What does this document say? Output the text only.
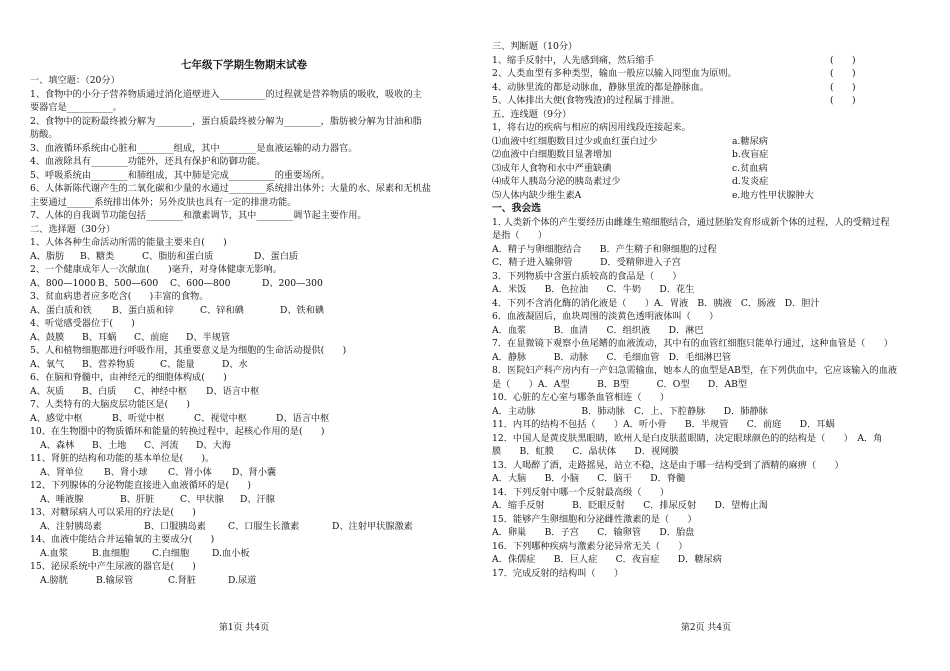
七年级下学期生物期末试卷
一、填空题：（20分）
1、食物中的小分子营养物质通过消化道壁进入__________的过程就是营养物质的吸收，吸收的主
要器官是__________。
2、食物中的淀粉最终被分解为________，蛋白质最终被分解为________，脂肪被分解为甘油和脂
肪酸。
3、血液循环系统由心脏和________组成，其中________是血液运输的动力器官。
4、血液除具有________功能外，还具有保护和防御功能。
5、呼吸系统由________和肺组成，其中肺是完成__________的重要场所。
6、人体新陈代谢产生的二氧化碳和少量的水通过________系统排出体外；大量的水、尿素和无机盐
主要通过______系统排出体外；另外皮肤也具有一定的排泄功能。
7、人体的自我调节功能包括________和激素调节，其中________调节起主要作用。
二、选择题（30分）
1、人体各种生命活动所需的能量主要来自(　　)
A、脂肪	B、糖类	C、脂肪和蛋白质	D、蛋白质
2、一个健康成年人一次献血(　　)毫升，对身体健康无影响。
A、800—1000 B、500—600	C、600—800	D、200—300
3、贫血病患者应多吃含(　　)丰富的食物。
A、蛋白质和铁	B、蛋白质和锌	C、锌和碘	D、铁和碘
4、听觉感受器位于(　　)
A、鼓膜	B、耳蜗	C、前庭	D、半规管
5、人和植物细胞都进行呼吸作用，其重要意义是为细胞的生命活动提供(　　)
A、氧气	B、营养物质	C、能量	D、水
6、在脑和脊髓中，由神经元的细胞体构成(　　)
A、灰质	B、白质	C、神经中枢	D、语言中枢
7、人类特有的大脑皮层功能区是(　　)
A、感觉中枢	B、听觉中枢	C、视觉中枢	D、语言中枢
10、在生物圈中的物质循环和能量的转换过程中，起核心作用的是(　　)
A、森林	B、土地	C、河流	D、大海
11、肾脏的结构和功能的基本单位是(　　)。
A、肾单位	B、肾小球	C、肾小体	D、肾小囊
12、下列腺体的分泌物能直接进入血液循环的是(　　)
A、唾液腺	B、肝脏	C、甲状腺	D、汗腺
13、对糖尿病人可以采用的疗法是(　　)
A、注射胰岛素	B、口服胰岛素	C、口服生长激素	D、注射甲状腺激素
14、血液中能结合并运输氧的主要成分(　　)
A.血浆	B.血细胞	C.白细胞	D.血小板
15、泌尿系统中产生尿液的器官是(　　)
A.膀胱	B.输尿管	C.肾脏	D.尿道
第1页 共4页
三、判断题（10分）
1、缩手反射中，人先感到痛，然后缩手	(　　)
2、人类血型有多种类型，输血一般应以输入同型血为原则。	(　　)
4、动脉里流的都是动脉血，静脉里流的都是静脉血。	(　　)
5、人体排出大便(食物残渣)的过程属于排泄。	(　　)
五、连线题（9分）
1，将右边的疾病与相应的病因用线段连接起来。
⑴血液中红细胞数目过少或血红蛋白过少	a.糖尿病
⑵血液中白细胞数目显著增加	b.夜盲症
⑶成年人食物和水中严重缺碘	c.贫血病
⑷成年人胰岛分泌的胰岛素过少	d.发炎症
⑸人体内缺少维生素A	e.地方性甲状腺肿大
一、我会选
1. 人类新个体的产生要经历由雌雄生殖细胞结合，通过胚胎发育形成新个体的过程，人的受精过程
是指（　　）
A．精子与卵细胞结合　　B．产生精子和卵细胞的过程
C．精子进入输卵管　　　D．受精卵进入子宫
3．下列物质中含蛋白质较高的食品是（　　）
A．米饭　　B．色拉油　　C．牛奶　　D．花生
4．下列不含消化酶的消化液是（　　）A．胃液　B．胰液　C．肠液　D．胆汁
6．血液凝固后，血块周围的淡黄色透明液体叫（　　）
A．血浆　　　B．血清　　C．组织液　　D．淋巴
7．在显微镜下观察小鱼尾鳍的血液流动，其中有的血管红细胞只能单行通过，这种血管是（　　）
A．静脉　　　B．动脉　　C．毛细血管　D．毛细淋巴管
8．医院妇产科产房内有一产妇急需输血，她本人的血型是AB型，在下列供血中，它应该输入的血液
是（　　）A．A型　　　B．B型　　　C．O型　　D．AB型
10．心脏的左心室与哪条血管相连（　　）
A．主动脉　　　　　B．肺动脉　C．上、下腔静脉　　D．肺静脉
11．内耳的结构不包括（　　）A．听小骨　　B．半规管　　C．前庭　　D．耳蜗
12．中国人是黄皮肤黑眼睛，欧州人是白皮肤蓝眼睛，决定眼球颜色的的结构是（　　）　A．角
膜　　B．虹膜　　C．晶状体　　D．视网膜
13．人喝醉了酒，走路摇晃，站立不稳，这是由于哪一结构受到了酒精的麻痹（　　）
A．大脑　　B．小脑　　C．脑干　　D．脊髓
14．下列反射中哪一个反射最高级（　　）
A．缩手反射　　　B．眨眼反射　　C．排尿反射　　D．望梅止渴
15．能够产生卵细胞和分泌雌性激素的是（　　）
A．卵巢　　B．子宫　　C．输卵管　　D．胎盘
16．下列哪种疾病与激素分泌异常无关（　　）
A．侏儒症　　B．巨人症　　C．夜盲症　　D．糖尿病
17．完成反射的结构叫（　　）
第2页 共4页
